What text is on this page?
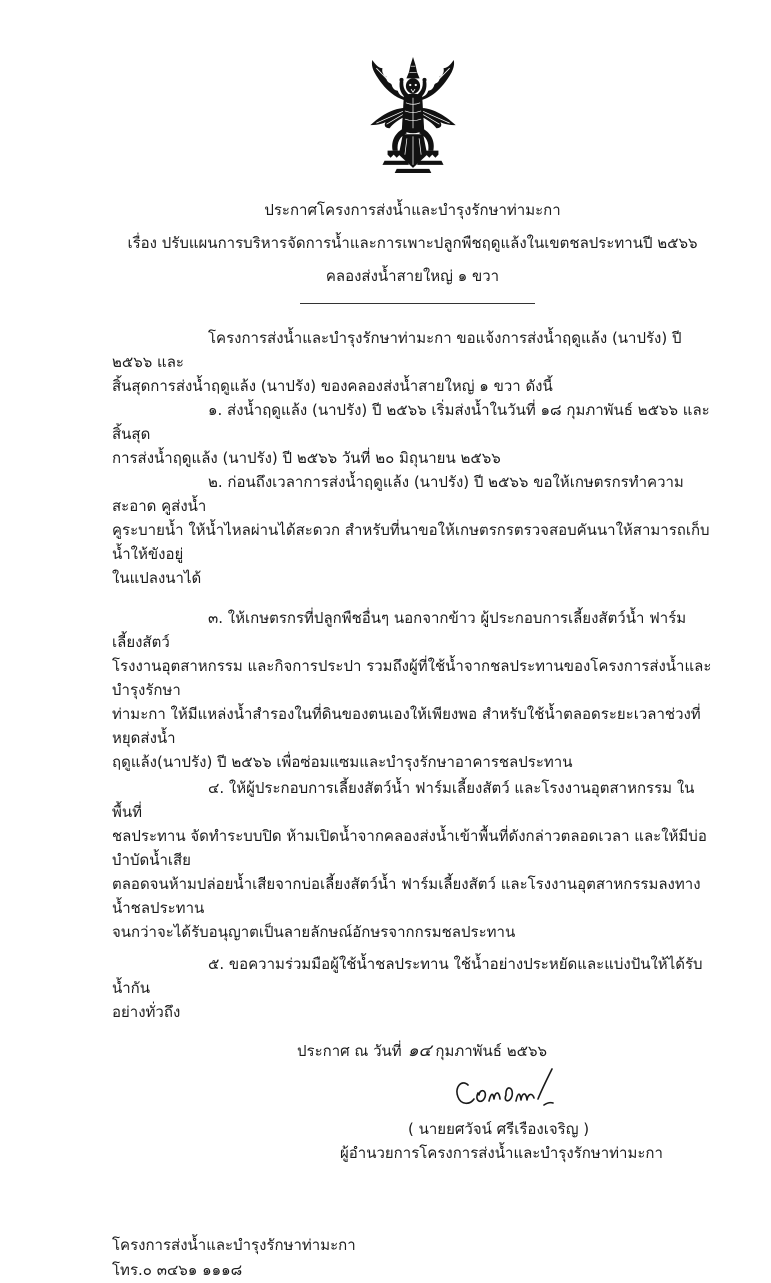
ประกาศโครงการส่งน้ำและบำรุงรักษาท่ามะกา
เรื่อง ปรับแผนการบริหารจัดการน้ำและการเพาะปลูกพืชฤดูแล้งในเขตชลประทานปี ๒๕๖๖
คลองส่งน้ำสายใหญ่ ๑ ขวา
โครงการส่งน้ำและบำรุงรักษาท่ามะกา ขอแจ้งการส่งน้ำฤดูแล้ง (นาปรัง) ปี ๒๕๖๖ และ
สิ้นสุดการส่งน้ำฤดูแล้ง (นาปรัง) ของคลองส่งน้ำสายใหญ่ ๑ ขวา ดังนี้
๑. ส่งน้ำฤดูแล้ง (นาปรัง) ปี ๒๕๖๖ เริ่มส่งน้ำในวันที่ ๑๘ กุมภาพันธ์ ๒๕๖๖ และสิ้นสุด
การส่งน้ำฤดูแล้ง (นาปรัง) ปี ๒๕๖๖ วันที่ ๒๐ มิถุนายน ๒๕๖๖
๒. ก่อนถึงเวลาการส่งน้ำฤดูแล้ง (นาปรัง) ปี ๒๕๖๖ ขอให้เกษตรกรทำความสะอาด คูส่งน้ำ
คูระบายน้ำ ให้น้ำไหลผ่านได้สะดวก สำหรับที่นาขอให้เกษตรกรตรวจสอบคันนาให้สามารถเก็บน้ำให้ขังอยู่
ในแปลงนาได้
๓. ให้เกษตรกรที่ปลูกพืชอื่นๆ นอกจากข้าว ผู้ประกอบการเลี้ยงสัตว์น้ำ ฟาร์มเลี้ยงสัตว์
โรงงานอุตสาหกรรม และกิจการประปา รวมถึงผู้ที่ใช้น้ำจากชลประทานของโครงการส่งน้ำและบำรุงรักษา
ท่ามะกา ให้มีแหล่งน้ำสำรองในที่ดินของตนเองให้เพียงพอ สำหรับใช้น้ำตลอดระยะเวลาช่วงที่หยุดส่งน้ำ
ฤดูแล้ง(นาปรัง) ปี ๒๕๖๖ เพื่อซ่อมแซมและบำรุงรักษาอาคารชลประทาน
๔. ให้ผู้ประกอบการเลี้ยงสัตว์น้ำ ฟาร์มเลี้ยงสัตว์ และโรงงานอุตสาหกรรม ในพื้นที่
ชลประทาน จัดทำระบบปิด ห้ามเปิดน้ำจากคลองส่งน้ำเข้าพื้นที่ดังกล่าวตลอดเวลา และให้มีบ่อบำบัดน้ำเสีย
ตลอดจนห้ามปล่อยน้ำเสียจากบ่อเลี้ยงสัตว์น้ำ ฟาร์มเลี้ยงสัตว์ และโรงงานอุตสาหกรรมลงทางน้ำชลประทาน
จนกว่าจะได้รับอนุญาตเป็นลายลักษณ์อักษรจากกรมชลประทาน
๕. ขอความร่วมมือผู้ใช้น้ำชลประทาน ใช้น้ำอย่างประหยัดและแบ่งปันให้ได้รับน้ำกัน
อย่างทั่วถึง
ประกาศ ณ วันที่ ๑๔ กุมภาพันธ์ ๒๕๖๖
( นายยศวัจน์ ศรีเรืองเจริญ )
ผู้อำนวยการโครงการส่งน้ำและบำรุงรักษาท่ามะกา
โครงการส่งน้ำและบำรุงรักษาท่ามะกา
โทร.๐ ๓๔๖๑ ๑๑๑๘
